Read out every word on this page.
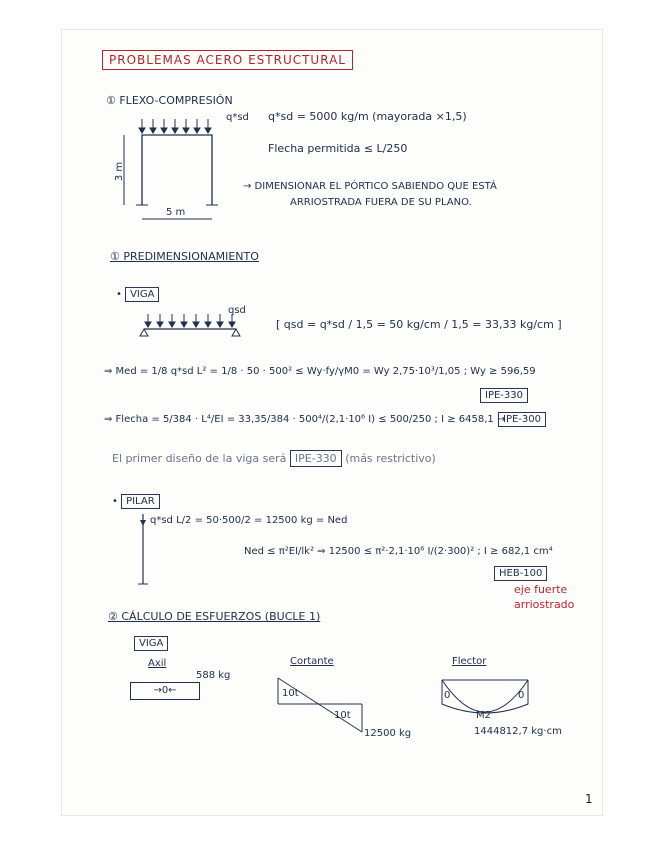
PROBLEMAS ACERO ESTRUCTURAL
① FLEXO-COMPRESIÓN
q*sd
3 m
5 m
q*sd = 5000 kg/m (mayorada ×1,5)
Flecha permitida ≤ L/250
→ DIMENSIONAR EL PÓRTICO SABIENDO QUE ESTÁ
ARRIOSTRADA FUERA DE SU PLANO.
① PREDIMENSIONAMIENTO
• VIGA
qsd
[ qsd = q*sd / 1,5 = 50 kg/cm / 1,5 = 33,33 kg/cm ]
⇒ Med = 1/8 q*sd L² = 1/8 · 50 · 500² ≤ Wy·fy/γM0 = Wy 2,75·10³/1,05 ; Wy ≥ 596,59
IPE-330
⇒ Flecha = 5/384 · L⁴/EI = 33,35/384 · 500⁴/(2,1·10⁶ I) ≤ 500/250 ; I ≥ 6458,1 →
IPE-300
El primer diseño de la viga será IPE-330 (más restrictivo)
• PILAR
q*sd L/2 = 50·500/2 = 12500 kg = Ned
Ned ≤ π²EI/lk² ⇒ 12500 ≤ π²·2,1·10⁶ I/(2·300)² ; I ≥ 682,1 cm⁴
HEB-100
eje fuerte
arriostrado
② CÁLCULO DE ESFUERZOS (BUCLE 1)
VIGA
Axil
588 kg
→0←
Cortante
10t
10t
12500 kg
Flector
0	0
M2
1444812,7 kg·cm
1
